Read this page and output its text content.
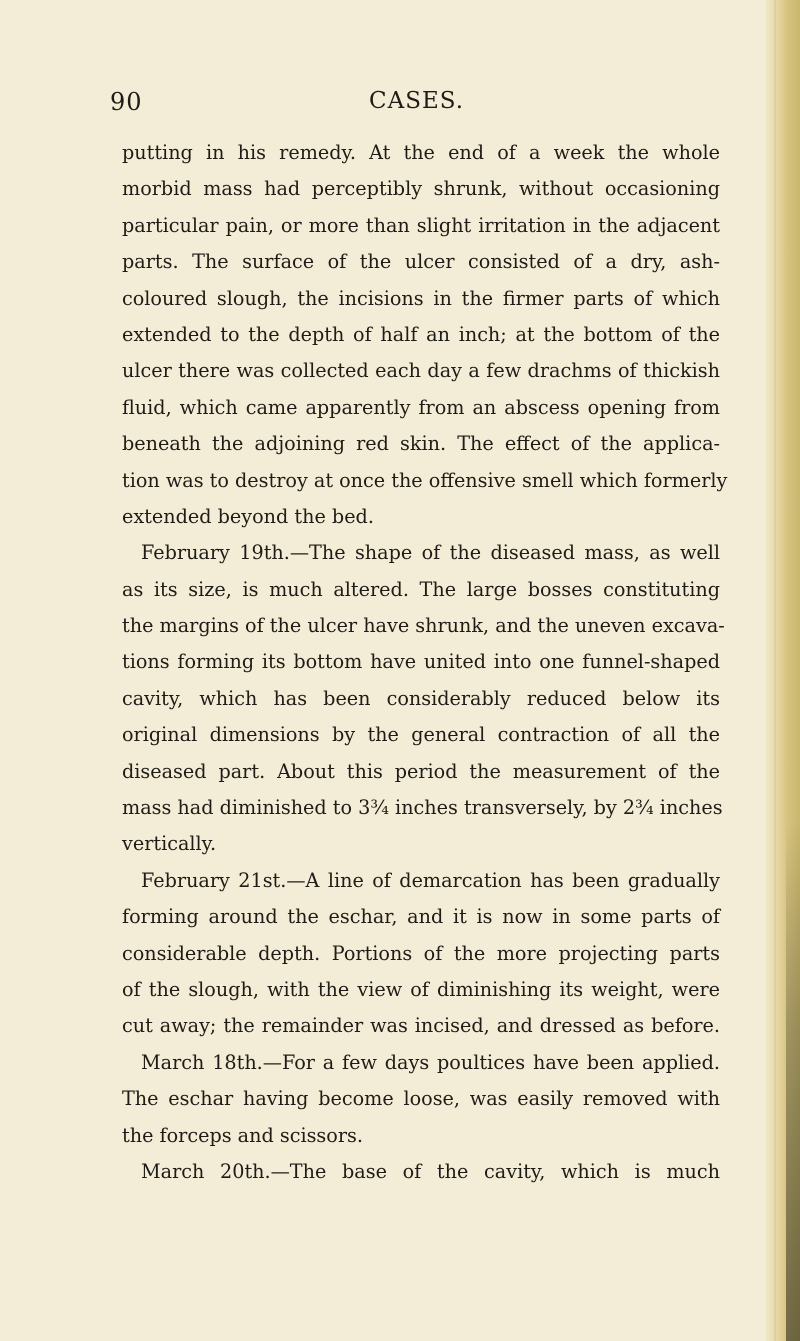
90	CASES.
putting in his remedy. At the end of a week the whole
morbid mass had perceptibly shrunk, without occasioning
particular pain, or more than slight irritation in the adjacent
parts. The surface of the ulcer consisted of a dry, ash-
coloured slough, the incisions in the firmer parts of which
extended to the depth of half an inch; at the bottom of the
ulcer there was collected each day a few drachms of thickish
fluid, which came apparently from an abscess opening from
beneath the adjoining red skin. The effect of the applica-
tion was to destroy at once the offensive smell which formerly
extended beyond the bed.
February 19th.—The shape of the diseased mass, as well
as its size, is much altered. The large bosses constituting
the margins of the ulcer have shrunk, and the uneven excava-
tions forming its bottom have united into one funnel-shaped
cavity, which has been considerably reduced below its
original dimensions by the general contraction of all the
diseased part. About this period the measurement of the
mass had diminished to 3¾ inches transversely, by 2¾ inches
vertically.
February 21st.—A line of demarcation has been gradually
forming around the eschar, and it is now in some parts of
considerable depth. Portions of the more projecting parts
of the slough, with the view of diminishing its weight, were
cut away; the remainder was incised, and dressed as before.
March 18th.—For a few days poultices have been applied.
The eschar having become loose, was easily removed with
the forceps and scissors.
March 20th.—The base of the cavity, which is much
